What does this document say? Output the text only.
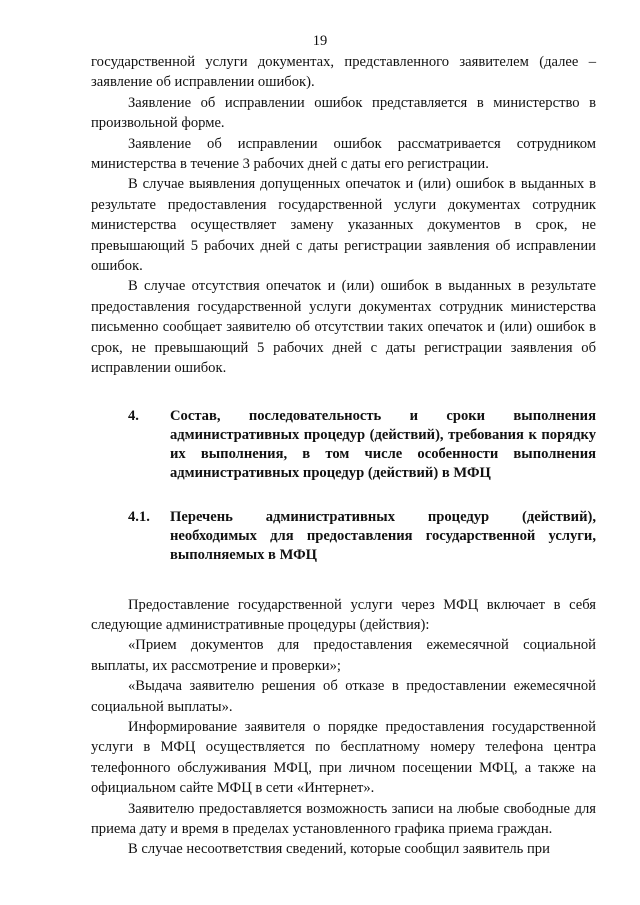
19

государственной услуги документах, представленного заявителем (далее – заявление об исправлении ошибок).

Заявление об исправлении ошибок представляется в министерство в произвольной форме.

Заявление об исправлении ошибок рассматривается сотрудником министерства в течение 3 рабочих дней с даты его регистрации.

В случае выявления допущенных опечаток и (или) ошибок в выданных в результате предоставления государственной услуги документах сотрудник министерства осуществляет замену указанных документов в срок, не превышающий 5 рабочих дней с даты регистрации заявления об исправлении ошибок.

В случае отсутствия опечаток и (или) ошибок в выданных в результате предоставления государственной услуги документах сотрудник министерства письменно сообщает заявителю об отсутствии таких опечаток и (или) ошибок в срок, не превышающий 5 рабочих дней с даты регистрации заявления об исправлении ошибок.

4. Состав, последовательность и сроки выполнения административных процедур (действий), требования к порядку их выполнения, в том числе особенности выполнения административных процедур (действий) в МФЦ
4.1. Перечень административных процедур (действий), необходимых для предоставления государственной услуги, выполняемых в МФЦ

Предоставление государственной услуги через МФЦ включает в себя следующие административные процедуры (действия):

«Прием документов для предоставления ежемесячной социальной выплаты, их рассмотрение и проверки»;

«Выдача заявителю решения об отказе в предоставлении ежемесячной социальной выплаты».

Информирование заявителя о порядке предоставления государственной услуги в МФЦ осуществляется по бесплатному номеру телефона центра телефонного обслуживания МФЦ, при личном посещении МФЦ, а также на официальном сайте МФЦ в сети «Интернет».

Заявителю предоставляется возможность записи на любые свободные для приема дату и время в пределах установленного графика приема граждан.

В случае несоответствия сведений, которые сообщил заявитель при
